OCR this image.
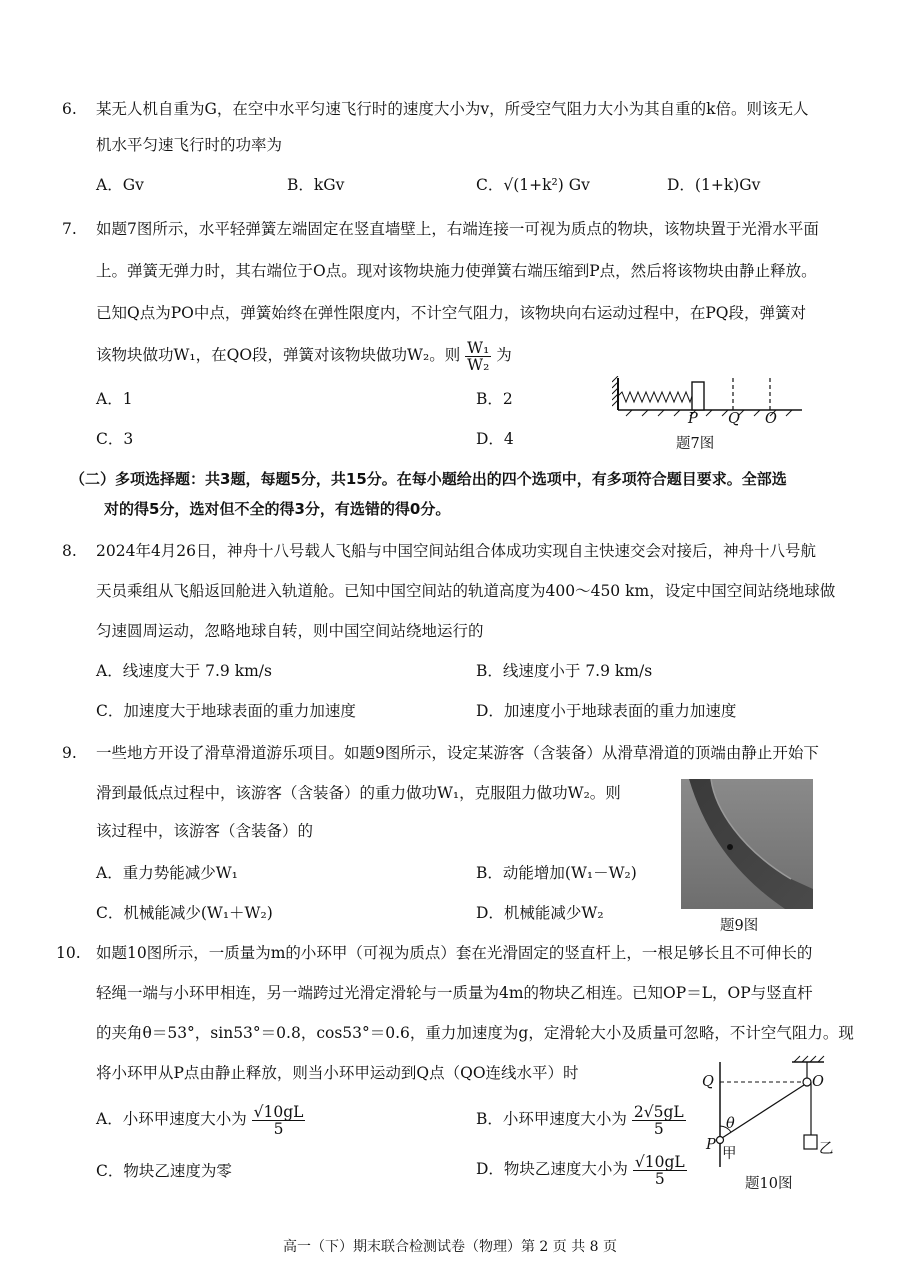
6. 某无人机自重为G，在空中水平匀速飞行时的速度大小为v，所受空气阻力大小为其自重的k倍。则该无人
机水平匀速飞行时的功率为
A．Gv	B．kGv	C．√(1+k²) Gv	D．(1+k)Gv
7. 如题7图所示，水平轻弹簧左端固定在竖直墙壁上，右端连接一可视为质点的物块，该物块置于光滑水平面
上。弹簧无弹力时，其右端位于O点。现对该物块施力使弹簧右端压缩到P点，然后将该物块由静止释放。
已知Q点为PO中点，弹簧始终在弹性限度内，不计空气阻力，该物块向右运动过程中，在PQ段，弹簧对
该物块做功W₁，在QO段，弹簧对该物块做功W₂。则 $\frac{\text{W₁}}{\text{W₂}}$ 为
A．1	B．2
C．3	D．4
P Q O
题7图
（二）多项选择题：共3题，每题5分，共15分。在每小题给出的四个选项中，有多项符合题目要求。全部选
对的得5分，选对但不全的得3分，有选错的得0分。
8. 2024年4月26日，神舟十八号载人飞船与中国空间站组合体成功实现自主快速交会对接后，神舟十八号航
天员乘组从飞船返回舱进入轨道舱。已知中国空间站的轨道高度为400～450 km，设定中国空间站绕地球做
匀速圆周运动，忽略地球自转，则中国空间站绕地运行的
A．线速度大于 7.9 km/s	B．线速度小于 7.9 km/s
C．加速度大于地球表面的重力加速度	D．加速度小于地球表面的重力加速度
9. 一些地方开设了滑草滑道游乐项目。如题9图所示，设定某游客（含装备）从滑草滑道的顶端由静止开始下
滑到最低点过程中，该游客（含装备）的重力做功W₁，克服阻力做功W₂。则
该过程中，该游客（含装备）的
A．重力势能减少W₁	B．动能增加(W₁－W₂)
C．机械能减少(W₁＋W₂)	D．机械能减少W₂
题9图
10. 如题10图所示，一质量为m的小环甲（可视为质点）套在光滑固定的竖直杆上，一根足够长且不可伸长的
轻绳一端与小环甲相连，另一端跨过光滑定滑轮与一质量为4m的物块乙相连。已知OP＝L，OP与竖直杆
的夹角θ＝53°，sin53°＝0.8，cos53°＝0.6，重力加速度为g，定滑轮大小及质量可忽略，不计空气阻力。现
将小环甲从P点由静止释放，则当小环甲运动到Q点（QO连线水平）时
A．小环甲速度大小为 $\frac{√10gL}{5}$	B．小环甲速度大小为 $\frac{2√5gL}{5}$
C．物块乙速度为零	D．物块乙速度大小为 $\frac{√10gL}{5}$
Q	O
θ
P
甲	乙
题10图
高一（下）期末联合检测试卷（物理）第 2 页 共 8 页
